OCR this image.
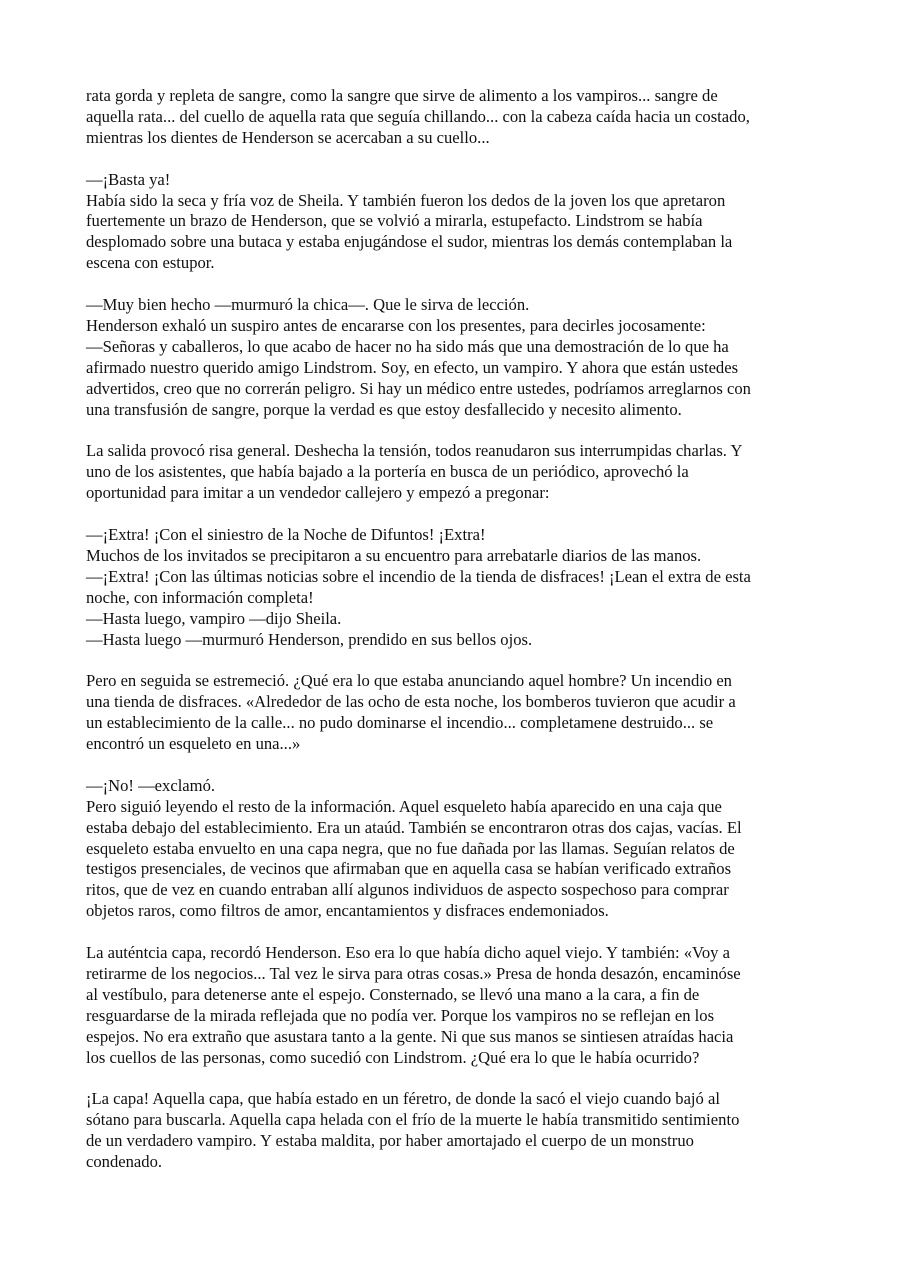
rata gorda y repleta de sangre, como la sangre que sirve de alimento a los vampiros... sangre de
aquella rata... del cuello de aquella rata que seguía chillando... con la cabeza caída hacia un costado,
mientras los dientes de Henderson se acercaban a su cuello...
—¡Basta ya!
Había sido la seca y fría voz de Sheila. Y también fueron los dedos de la joven los que apretaron
fuertemente un brazo de Henderson, que se volvió a mirarla, estupefacto. Lindstrom se había
desplomado sobre una butaca y estaba enjugándose el sudor, mientras los demás contemplaban la
escena con estupor.
—Muy bien hecho —murmuró la chica—. Que le sirva de lección.
Henderson exhaló un suspiro antes de encararse con los presentes, para decirles jocosamente:
—Señoras y caballeros, lo que acabo de hacer no ha sido más que una demostración de lo que ha
afirmado nuestro querido amigo Lindstrom. Soy, en efecto, un vampiro. Y ahora que están ustedes
advertidos, creo que no correrán peligro. Si hay un médico entre ustedes, podríamos arreglarnos con
una transfusión de sangre, porque la verdad es que estoy desfallecido y necesito alimento.
La salida provocó risa general. Deshecha la tensión, todos reanudaron sus interrumpidas charlas. Y
uno de los asistentes, que había bajado a la portería en busca de un periódico, aprovechó la
oportunidad para imitar a un vendedor callejero y empezó a pregonar:
—¡Extra! ¡Con el siniestro de la Noche de Difuntos! ¡Extra!
Muchos de los invitados se precipitaron a su encuentro para arrebatarle diarios de las manos.
—¡Extra! ¡Con las últimas noticias sobre el incendio de la tienda de disfraces! ¡Lean el extra de esta
noche, con información completa!
—Hasta luego, vampiro —dijo Sheila.
—Hasta luego —murmuró Henderson, prendido en sus bellos ojos.
Pero en seguida se estremeció. ¿Qué era lo que estaba anunciando aquel hombre? Un incendio en
una tienda de disfraces. «Alrededor de las ocho de esta noche, los bomberos tuvieron que acudir a
un establecimiento de la calle... no pudo dominarse el incendio... completamene destruido... se
encontró un esqueleto en una...»
—¡No! —exclamó.
Pero siguió leyendo el resto de la información. Aquel esqueleto había aparecido en una caja que
estaba debajo del establecimiento. Era un ataúd. También se encontraron otras dos cajas, vacías. El
esqueleto estaba envuelto en una capa negra, que no fue dañada por las llamas. Seguían relatos de
testigos presenciales, de vecinos que afirmaban que en aquella casa se habían verificado extraños
ritos, que de vez en cuando entraban allí algunos individuos de aspecto sospechoso para comprar
objetos raros, como filtros de amor, encantamientos y disfraces endemoniados.
La auténtcia capa, recordó Henderson. Eso era lo que había dicho aquel viejo. Y también: «Voy a
retirarme de los negocios... Tal vez le sirva para otras cosas.» Presa de honda desazón, encaminóse
al vestíbulo, para detenerse ante el espejo. Consternado, se llevó una mano a la cara, a fin de
resguardarse de la mirada reflejada que no podía ver. Porque los vampiros no se reflejan en los
espejos. No era extraño que asustara tanto a la gente. Ni que sus manos se sintiesen atraídas hacia
los cuellos de las personas, como sucedió con Lindstrom. ¿Qué era lo que le había ocurrido?
¡La capa! Aquella capa, que había estado en un féretro, de donde la sacó el viejo cuando bajó al
sótano para buscarla. Aquella capa helada con el frío de la muerte le había transmitido sentimiento
de un verdadero vampiro. Y estaba maldita, por haber amortajado el cuerpo de un monstruo
condenado.
